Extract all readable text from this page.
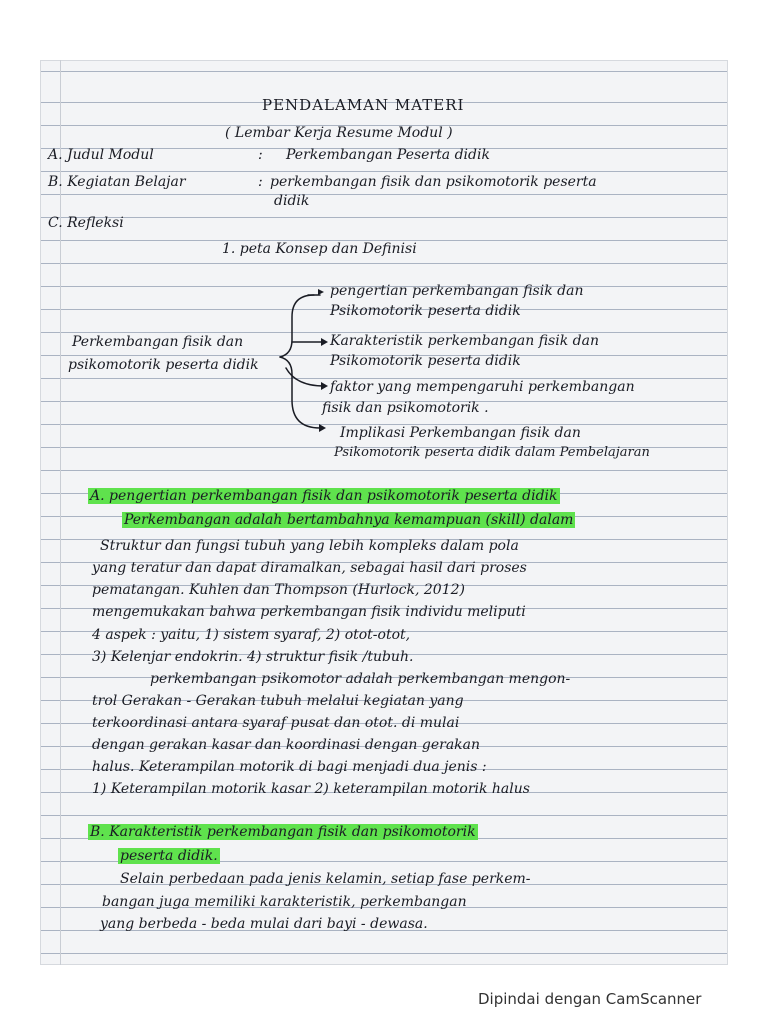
PENDALAMAN MATERI
( Lembar Kerja Resume Modul )
A. Judul Modul	: Perkembangan Peserta didik
B. Kegiatan Belajar	: perkembangan fisik dan psikomotorik peserta
didik
C. Refleksi
1. peta Konsep dan Definisi
Perkembangan fisik dan
psikomotorik peserta didik
pengertian perkembangan fisik dan
Psikomotorik peserta didik
Karakteristik perkembangan fisik dan
Psikomotorik peserta didik
faktor yang mempengaruhi perkembangan
fisik dan psikomotorik .
Implikasi Perkembangan fisik dan
Psikomotorik peserta didik dalam Pembelajaran
A. pengertian perkembangan fisik dan psikomotorik peserta didik
Perkembangan adalah bertambahnya kemampuan (skill) dalam
Struktur dan fungsi tubuh yang lebih kompleks dalam pola
yang teratur dan dapat diramalkan, sebagai hasil dari proses
pematangan. Kuhlen dan Thompson (Hurlock, 2012)
mengemukakan bahwa perkembangan fisik individu meliputi
4 aspek : yaitu, 1) sistem syaraf, 2) otot-otot,
3) Kelenjar endokrin. 4) struktur fisik /tubuh.
perkembangan psikomotor adalah perkembangan mengon-
trol Gerakan - Gerakan tubuh melalui kegiatan yang
terkoordinasi antara syaraf pusat dan otot. di mulai
dengan gerakan kasar dan koordinasi dengan gerakan
halus. Keterampilan motorik di bagi menjadi dua jenis :
1) Keterampilan motorik kasar 2) keterampilan motorik halus
B. Karakteristik perkembangan fisik dan psikomotorik
peserta didik.
Selain perbedaan pada jenis kelamin, setiap fase perkem-
bangan juga memiliki karakteristik, perkembangan
yang berbeda - beda mulai dari bayi - dewasa.
Dipindai dengan CamScanner
